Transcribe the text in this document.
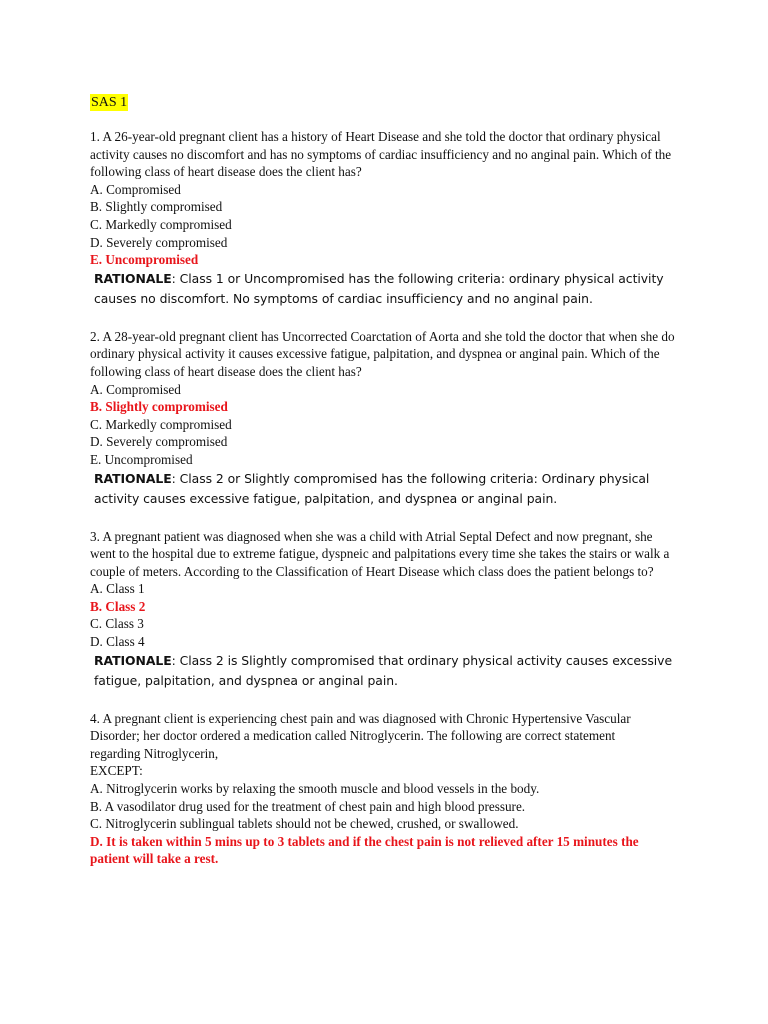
SAS 1

1. A 26-year-old pregnant client has a history of Heart Disease and she told the doctor that ordinary physical activity causes no discomfort and has no symptoms of cardiac insufficiency and no anginal pain. Which of the following class of heart disease does the client has?

A. Compromised

B. Slightly compromised

C. Markedly compromised

D. Severely compromised

E. Uncompromised

RATIONALE: Class 1 or Uncompromised has the following criteria: ordinary physical activity causes no discomfort. No symptoms of cardiac insufficiency and no anginal pain.

2. A 28-year-old pregnant client has Uncorrected Coarctation of Aorta and she told the doctor that when she do ordinary physical activity it causes excessive fatigue, palpitation, and dyspnea or anginal pain. Which of the following class of heart disease does the client has?

A. Compromised

B. Slightly compromised

C. Markedly compromised

D. Severely compromised

E. Uncompromised

RATIONALE: Class 2 or Slightly compromised has the following criteria: Ordinary physical activity causes excessive fatigue, palpitation, and dyspnea or anginal pain.

3. A pregnant patient was diagnosed when she was a child with Atrial Septal Defect and now pregnant, she went to the hospital due to extreme fatigue, dyspneic and palpitations every time she takes the stairs or walk a couple of meters. According to the Classification of Heart Disease which class does the patient belongs to?

A. Class 1

B. Class 2

C. Class 3

D. Class 4

RATIONALE: Class 2 is Slightly compromised that ordinary physical activity causes excessive fatigue, palpitation, and dyspnea or anginal pain.

4. A pregnant client is experiencing chest pain and was diagnosed with Chronic Hypertensive Vascular Disorder; her doctor ordered a medication called Nitroglycerin. The following are correct statement regarding Nitroglycerin,

EXCEPT:

A. Nitroglycerin works by relaxing the smooth muscle and blood vessels in the body.

B. A vasodilator drug used for the treatment of chest pain and high blood pressure.

C. Nitroglycerin sublingual tablets should not be chewed, crushed, or swallowed.

D. It is taken within 5 mins up to 3 tablets and if the chest pain is not relieved after 15 minutes the patient will take a rest.
